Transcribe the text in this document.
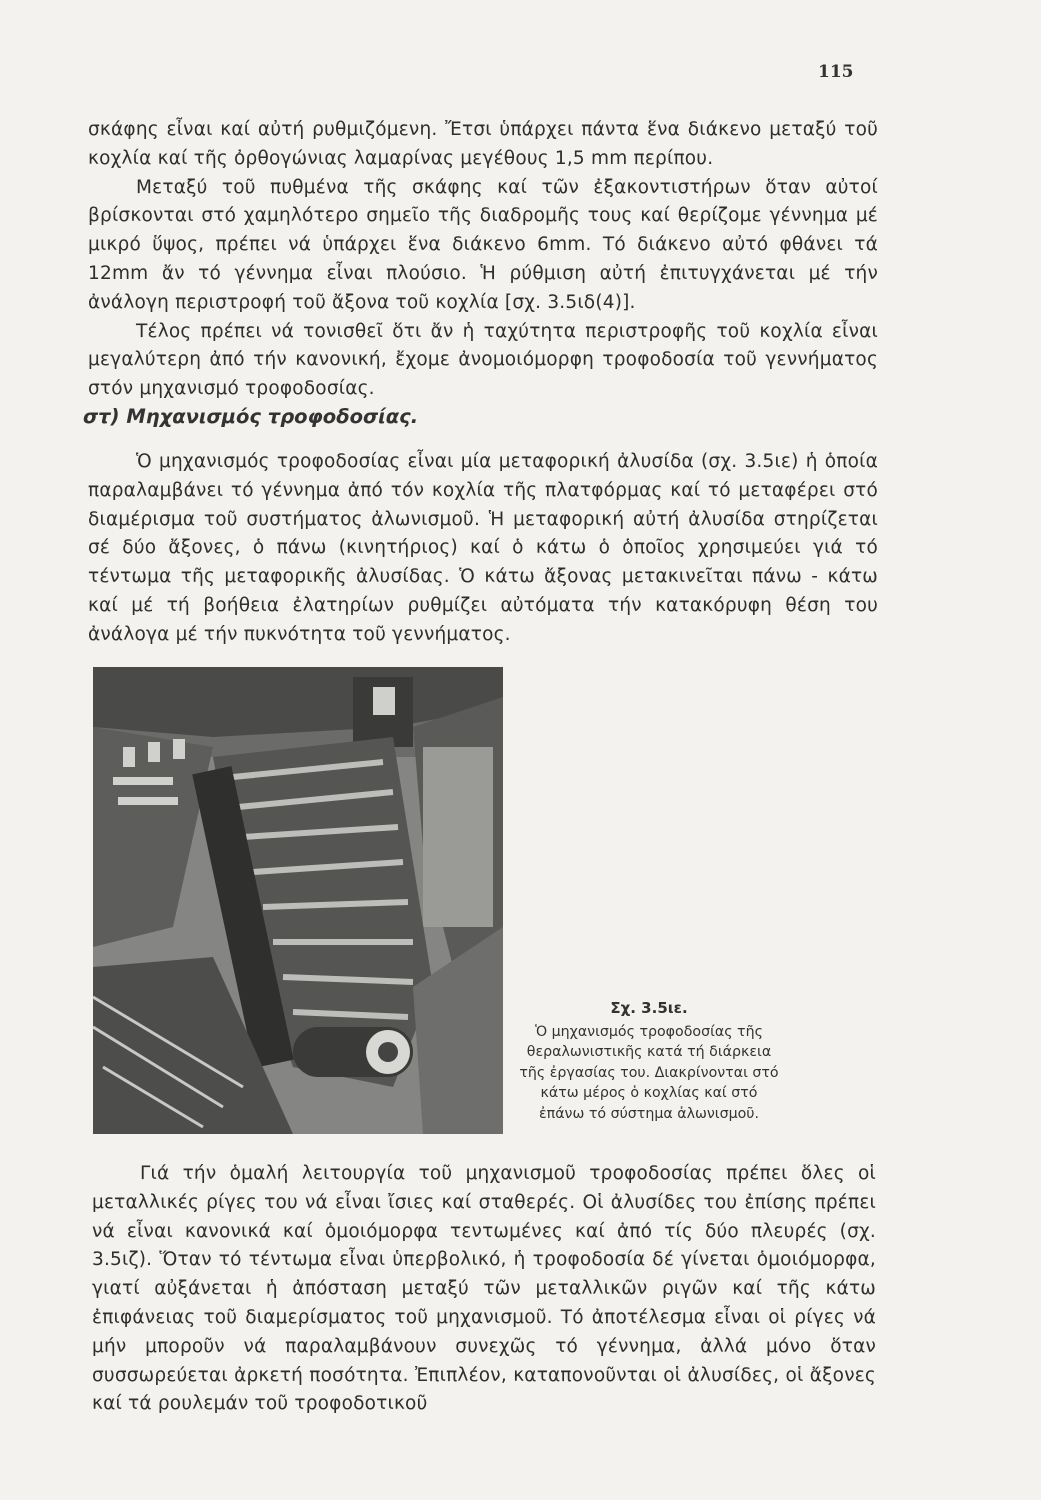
115

σκάφης εἶναι καί αὐτή ρυθμιζόμενη. Ἔτσι ὑπάρχει πάντα ἕνα διάκενο μεταξύ τοῦ κοχλία καί τῆς ὀρθογώνιας λαμαρίνας μεγέθους 1,5 mm περίπου.

Μεταξύ τοῦ πυθμένα τῆς σκάφης καί τῶν ἐξακοντιστήρων ὅταν αὐτοί βρίσκονται στό χαμηλότερο σημεῖο τῆς διαδρομῆς τους καί θερίζομε γέννημα μέ μικρό ὕψος, πρέπει νά ὑπάρχει ἕνα διάκενο 6mm. Τό διάκενο αὐτό φθάνει τά 12mm ἄν τό γέννημα εἶναι πλούσιο. Ἡ ρύθμιση αὐτή ἐπιτυγχάνεται μέ τήν ἀνάλογη περιστροφή τοῦ ἄξονα τοῦ κοχλία [σχ. 3.5ιδ(4)].

Τέλος πρέπει νά τονισθεῖ ὅτι ἄν ἡ ταχύτητα περιστροφῆς τοῦ κοχλία εἶναι μεγαλύτερη ἀπό τήν κανονική, ἔχομε ἀνομοιόμορφη τροφοδοσία τοῦ γεννήματος στόν μηχανισμό τροφοδοσίας.

στ) Μηχανισμός τροφοδοσίας.

Ὁ μηχανισμός τροφοδοσίας εἶναι μία μεταφορική ἀλυσίδα (σχ. 3.5ιε) ἡ ὁποία παραλαμβάνει τό γέννημα ἀπό τόν κοχλία τῆς πλατφόρμας καί τό μεταφέρει στό διαμέρισμα τοῦ συστήματος ἀλωνισμοῦ. Ἡ μεταφορική αὐτή ἀλυσίδα στηρίζεται σέ δύο ἄξονες, ὁ πάνω (κινητήριος) καί ὁ κάτω ὁ ὁποῖος χρησιμεύει γιά τό τέντωμα τῆς μεταφορικῆς ἀλυσίδας. Ὁ κάτω ἄξονας μετακινεῖται πάνω - κάτω καί μέ τή βοήθεια ἐλατηρίων ρυθμίζει αὐτόματα τήν κατακόρυφη θέση του ἀνάλογα μέ τήν πυκνότητα τοῦ γεννήματος.

Σχ. 3.5ιε.
Ὁ μηχανισμός τροφοδοσίας τῆς θεραλωνιστικῆς κατά τή διάρκεια τῆς ἐργασίας του. Διακρίνονται στό κάτω μέρος ὁ κοχλίας καί στό ἐπάνω τό σύστημα ἀλωνισμοῦ.

Γιά τήν ὁμαλή λειτουργία τοῦ μηχανισμοῦ τροφοδοσίας πρέπει ὅλες οἱ μεταλλικές ρίγες του νά εἶναι ἴσιες καί σταθερές. Οἱ ἀλυσίδες του ἐπίσης πρέπει νά εἶναι κανονικά καί ὁμοιόμορφα τεντωμένες καί ἀπό τίς δύο πλευρές (σχ. 3.5ιζ). Ὅταν τό τέντωμα εἶναι ὑπερβολικό, ἡ τροφοδοσία δέ γίνεται ὁμοιόμορφα, γιατί αὐξάνεται ἡ ἀπόσταση μεταξύ τῶν μεταλλικῶν ριγῶν καί τῆς κάτω ἐπιφάνειας τοῦ διαμερίσματος τοῦ μηχανισμοῦ. Τό ἀποτέλεσμα εἶναι οἱ ρίγες νά μήν μποροῦν νά παραλαμβάνουν συνεχῶς τό γέννημα, ἀλλά μόνο ὅταν συσσωρεύεται ἀρκετή ποσότητα. Ἐπιπλέον, καταπονοῦνται οἱ ἀλυσίδες, οἱ ἄξονες καί τά ρουλεμάν τοῦ τροφοδοτικοῦ
